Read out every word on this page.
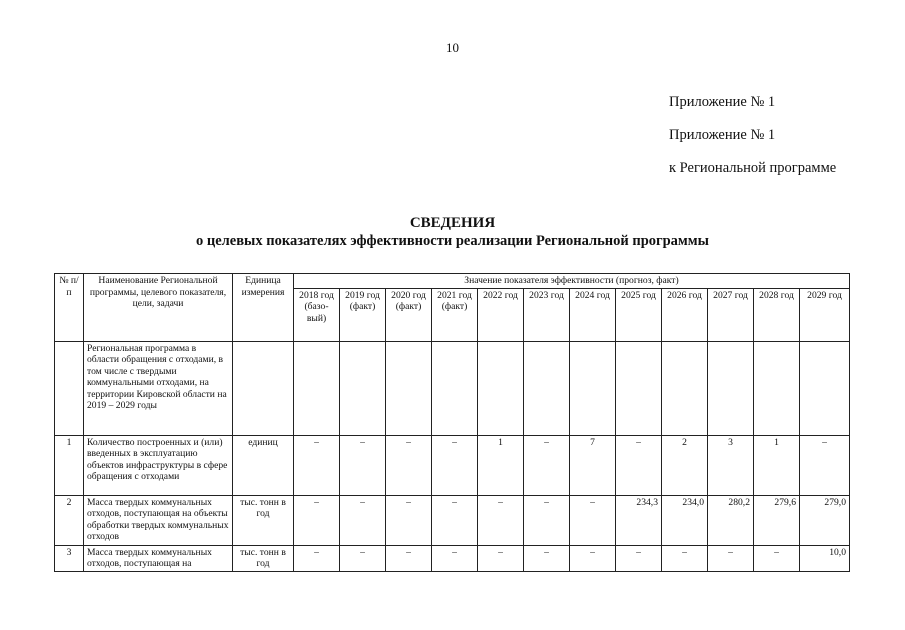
10
Приложение № 1
Приложение № 1
к Региональной программе
СВЕДЕНИЯ
о целевых показателях эффективности реализации Региональной программы
№ п/п	Наименование Региональной программы, целевого показателя, цели, задачи	Единица измерения	Значение показателя эффективности (прогноз, факт)											
			2018 год (базо-вый)	2019 год (факт)	2020 год (факт)	2021 год (факт)	2022 год	2023 год	2024 год	2025 год	2026 год	2027 год	2028 год	2029 год
	Региональная программа в области обращения с отходами, в том числе с твердыми коммунальными отходами, на территории Кировской области на 2019 – 2029 годы													
1	Количество построенных и (или) введенных в эксплуатацию объектов инфраструктуры в сфере обращения с отходами	единиц	–	–	–	–	1	–	7	–	2	3	1	–
2	Масса твердых коммунальных отходов, поступающая на объекты обработки твердых коммунальных отходов	тыс. тонн в год	–	–	–	–	–	–	–	234,3	234,0	280,2	279,6	279,0
3	Масса твердых коммунальных отходов, поступающая на	тыс. тонн в год	–	–	–	–	–	–	–	–	–	–	–	10,0
